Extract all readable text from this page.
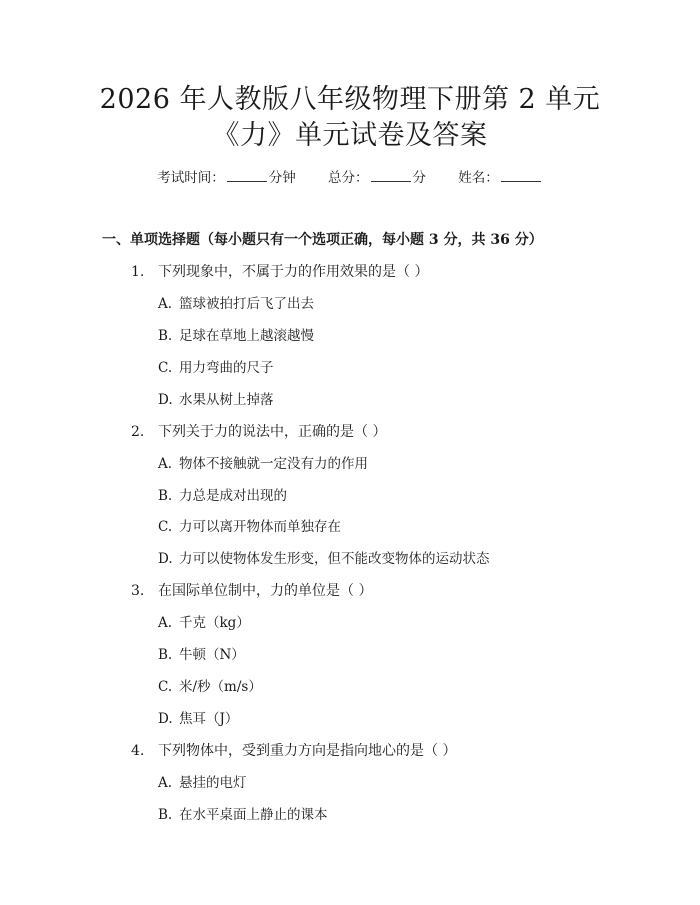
2026 年人教版八年级物理下册第 2 单元
《力》单元试卷及答案
考试时间：	分钟 总分：	分 姓名：
一、单项选择题（每小题只有一个选项正确，每小题 3 分，共 36 分）
1. 下列现象中，不属于力的作用效果的是（ ）
A. 篮球被拍打后飞了出去
B. 足球在草地上越滚越慢
C. 用力弯曲的尺子
D. 水果从树上掉落
2. 下列关于力的说法中，正确的是（ ）
A. 物体不接触就一定没有力的作用
B. 力总是成对出现的
C. 力可以离开物体而单独存在
D. 力可以使物体发生形变，但不能改变物体的运动状态
3. 在国际单位制中，力的单位是（ ）
A. 千克（kg）
B. 牛顿（N）
C. 米/秒（m/s）
D. 焦耳（J）
4. 下列物体中，受到重力方向是指向地心的是（ ）
A. 悬挂的电灯
B. 在水平桌面上静止的课本
